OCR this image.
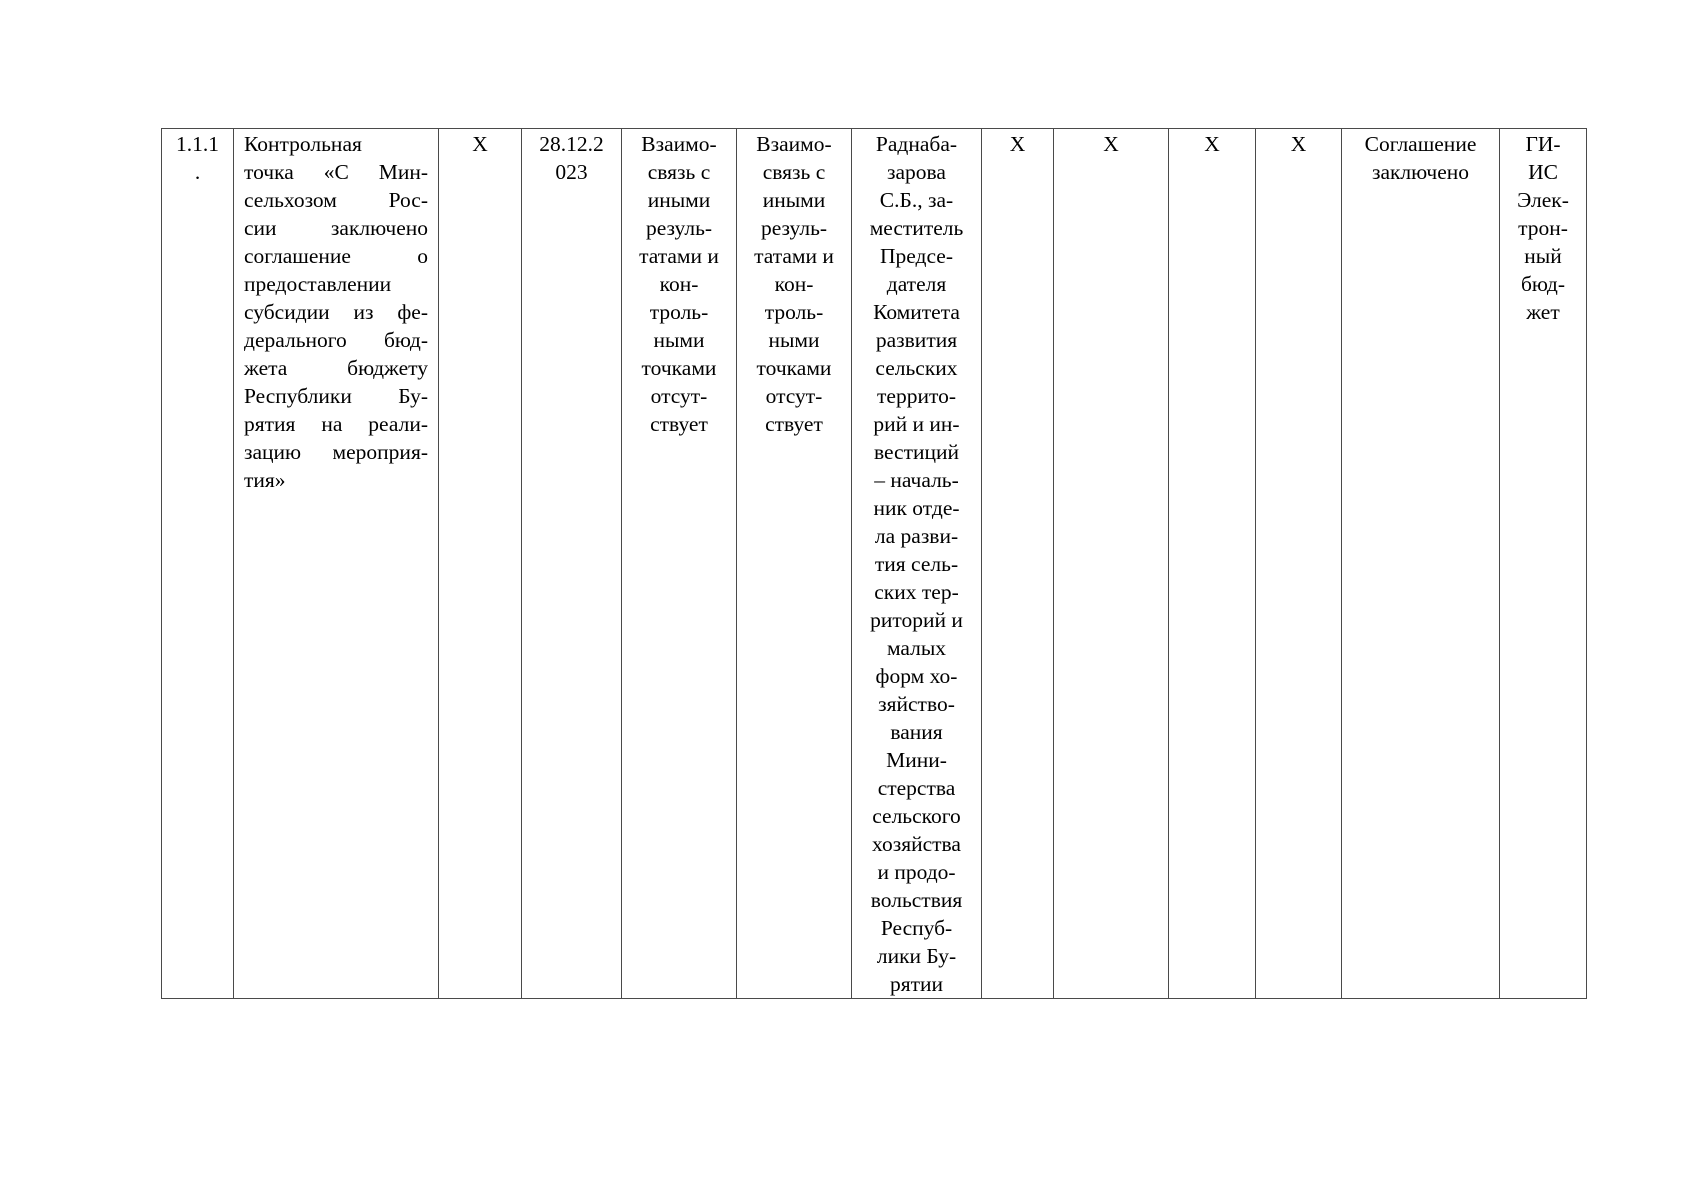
1.1.1
.

Контрольная
точка «С Мин-
сельхозом Рос-
сии заключено
соглашение о
предоставлении
субсидии из фе-
дерального бюд-
жета бюджету
Республики Бу-
рятия на реали-
зацию мероприя-
тия»

X	28.12.2
023

Взаимо-
связь с
иными
резуль-
татами и
кон-
троль-
ными
точками
отсут-
ствует

Взаимо-
связь с
иными
резуль-
татами и
кон-
троль-
ными
точками
отсут-
ствует

Раднаба-
зарова
С.Б., за-
меститель
Предсе-
дателя
Комитета
развития
сельских
террито-
рий и ин-
вестиций
– началь-
ник отде-
ла разви-
тия сель-
ских тер-
риторий и
малых
форм хо-
зяйство-
вания
Мини-
стерства
сельского
хозяйства
и продо-
вольствия
Респуб-
лики Бу-
рятии

X	X	X	X	Соглашение
заключено

ГИ-
ИС
Элек-
трон-
ный
бюд-
жет
